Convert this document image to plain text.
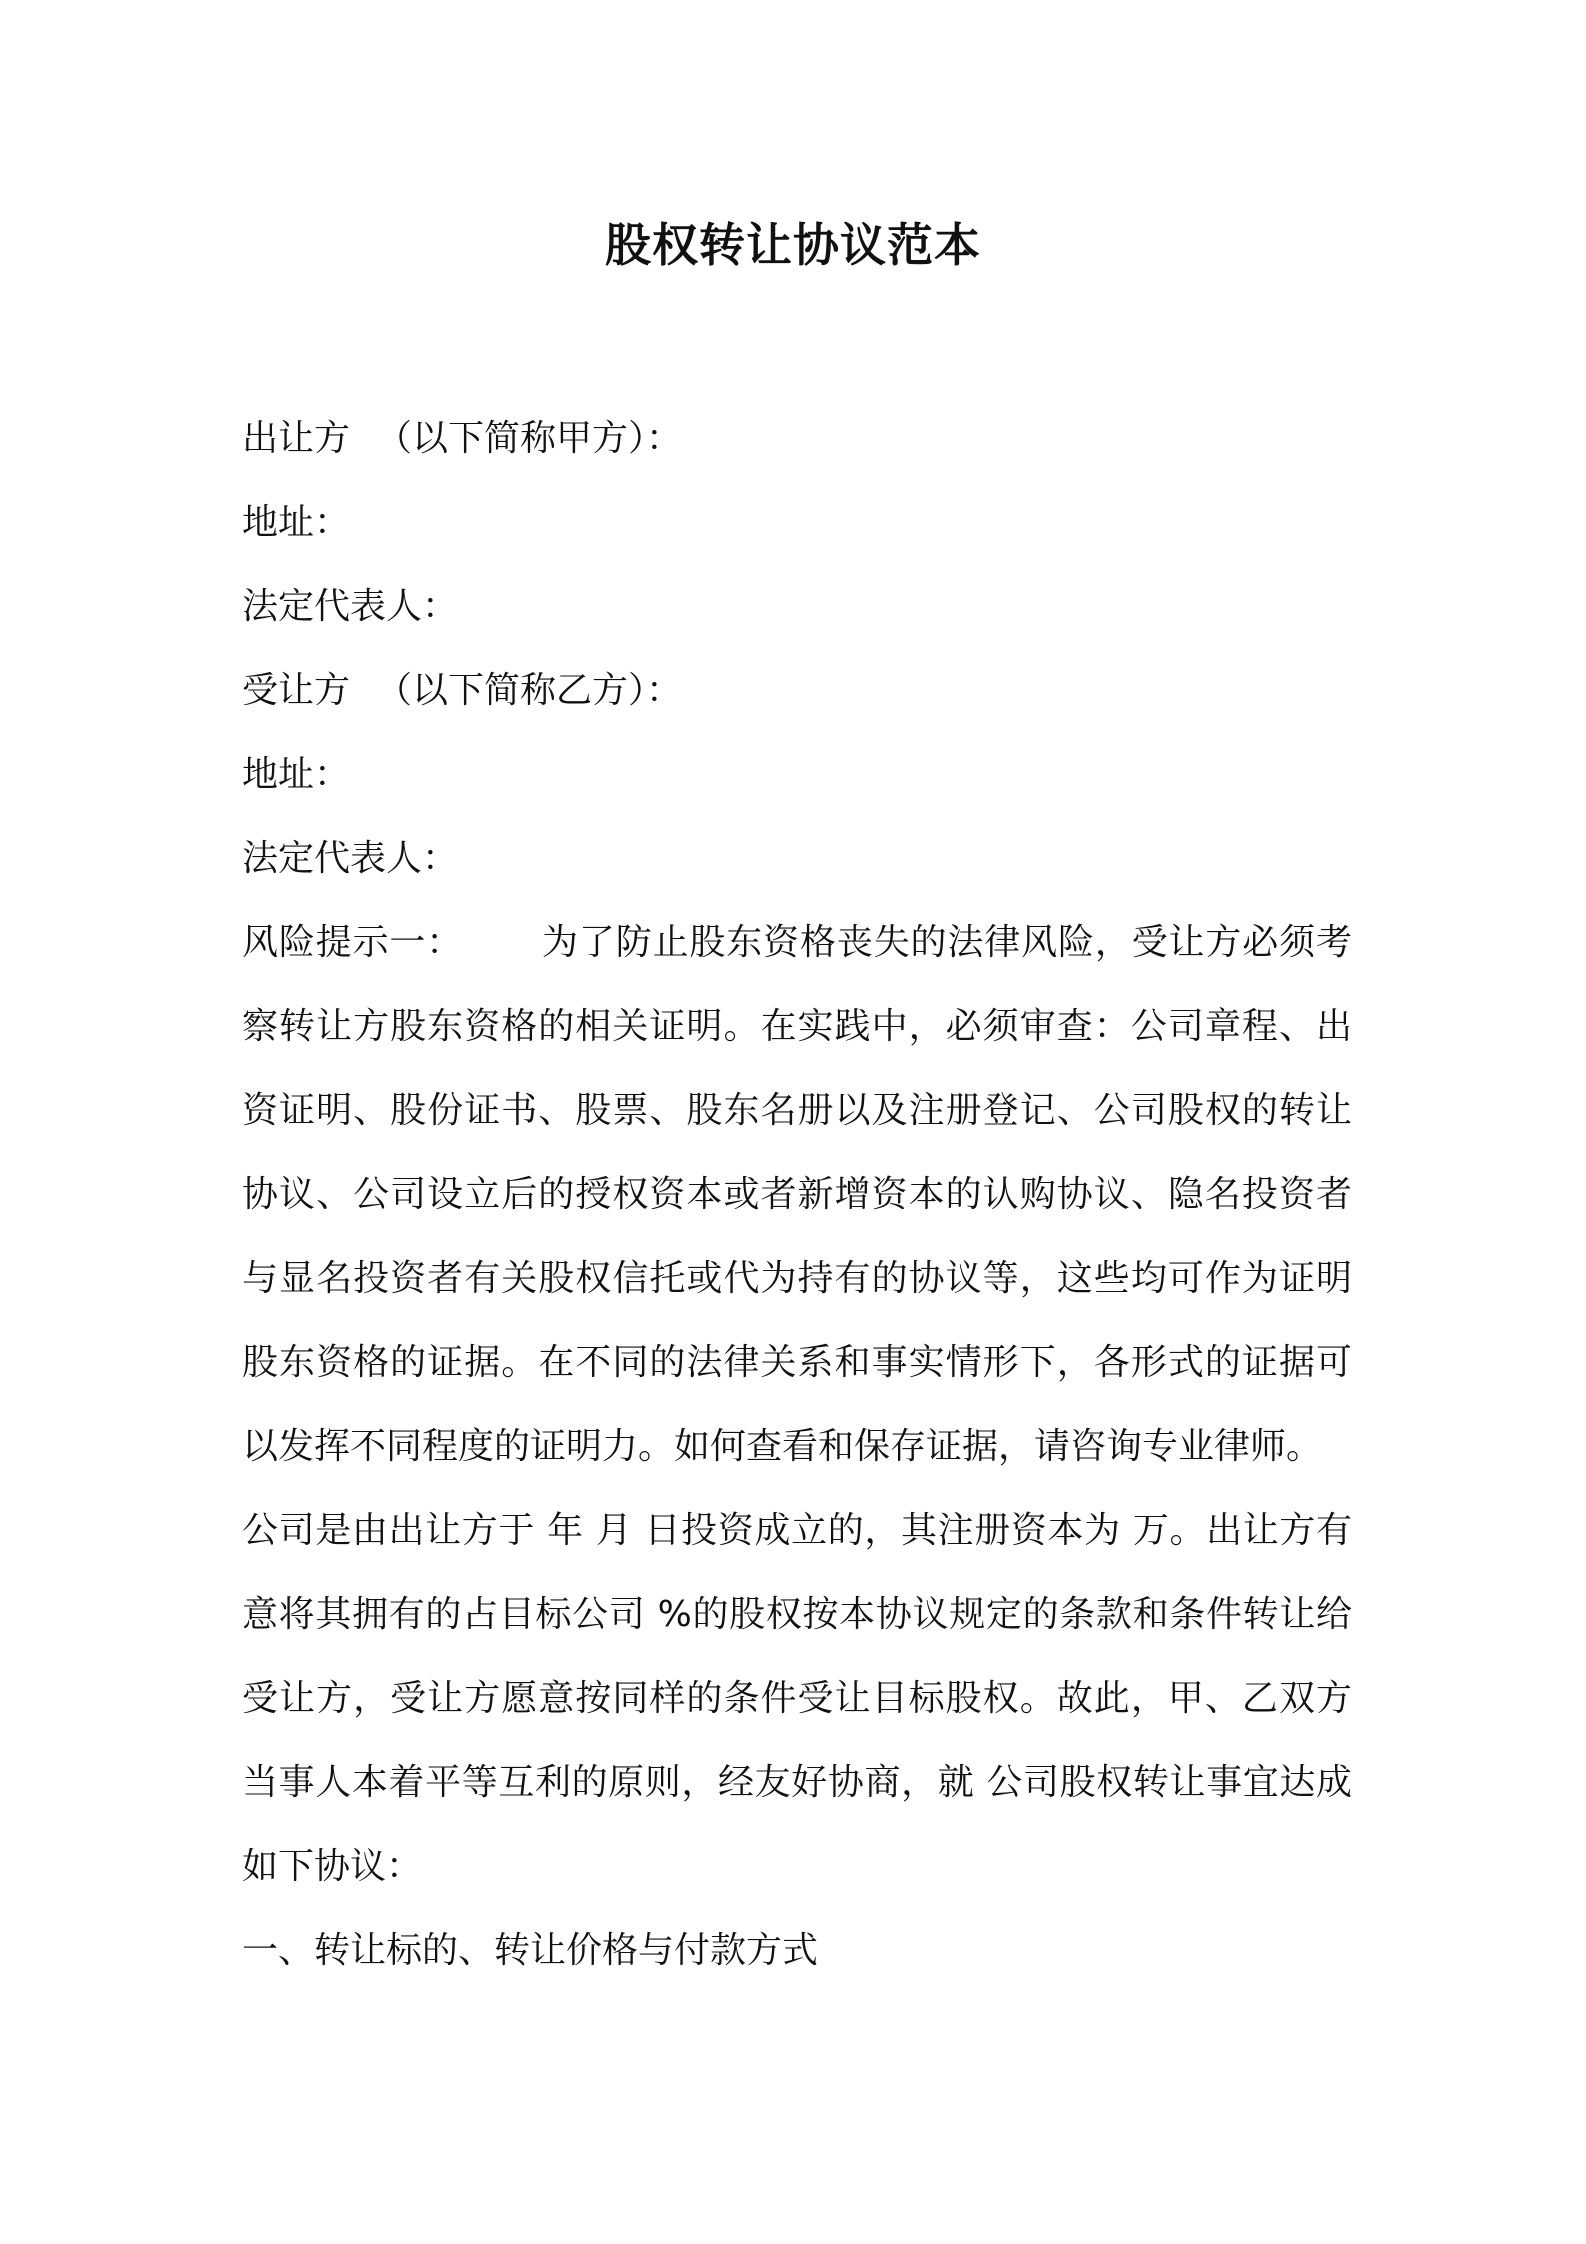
股权转让协议范本
出让方 （以下简称甲方）：
地址：
法定代表人：
受让方 （以下简称乙方）：
地址：
法定代表人：
风险提示一： 为了防止股东资格丧失的法律风险，受让方必须考察转让方股东资格的相关证明。在实践中，必须审查：公司章程、出资证明、股份证书、股票、股东名册以及注册登记、公司股权的转让协议、公司设立后的授权资本或者新增资本的认购协议、隐名投资者与显名投资者有关股权信托或代为持有的协议等，这些均可作为证明股东资格的证据。在不同的法律关系和事实情形下，各形式的证据可以发挥不同程度的证明力。如何查看和保存证据，请咨询专业律师。
公司是由出让方于 年 月 日投资成立的，其注册资本为 万。出让方有意将其拥有的占目标公司 %的股权按本协议规定的条款和条件转让给受让方，受让方愿意按同样的条件受让目标股权。故此，甲、乙双方当事人本着平等互利的原则，经友好协商，就 公司股权转让事宜达成如下协议：
一、转让标的、转让价格与付款方式
